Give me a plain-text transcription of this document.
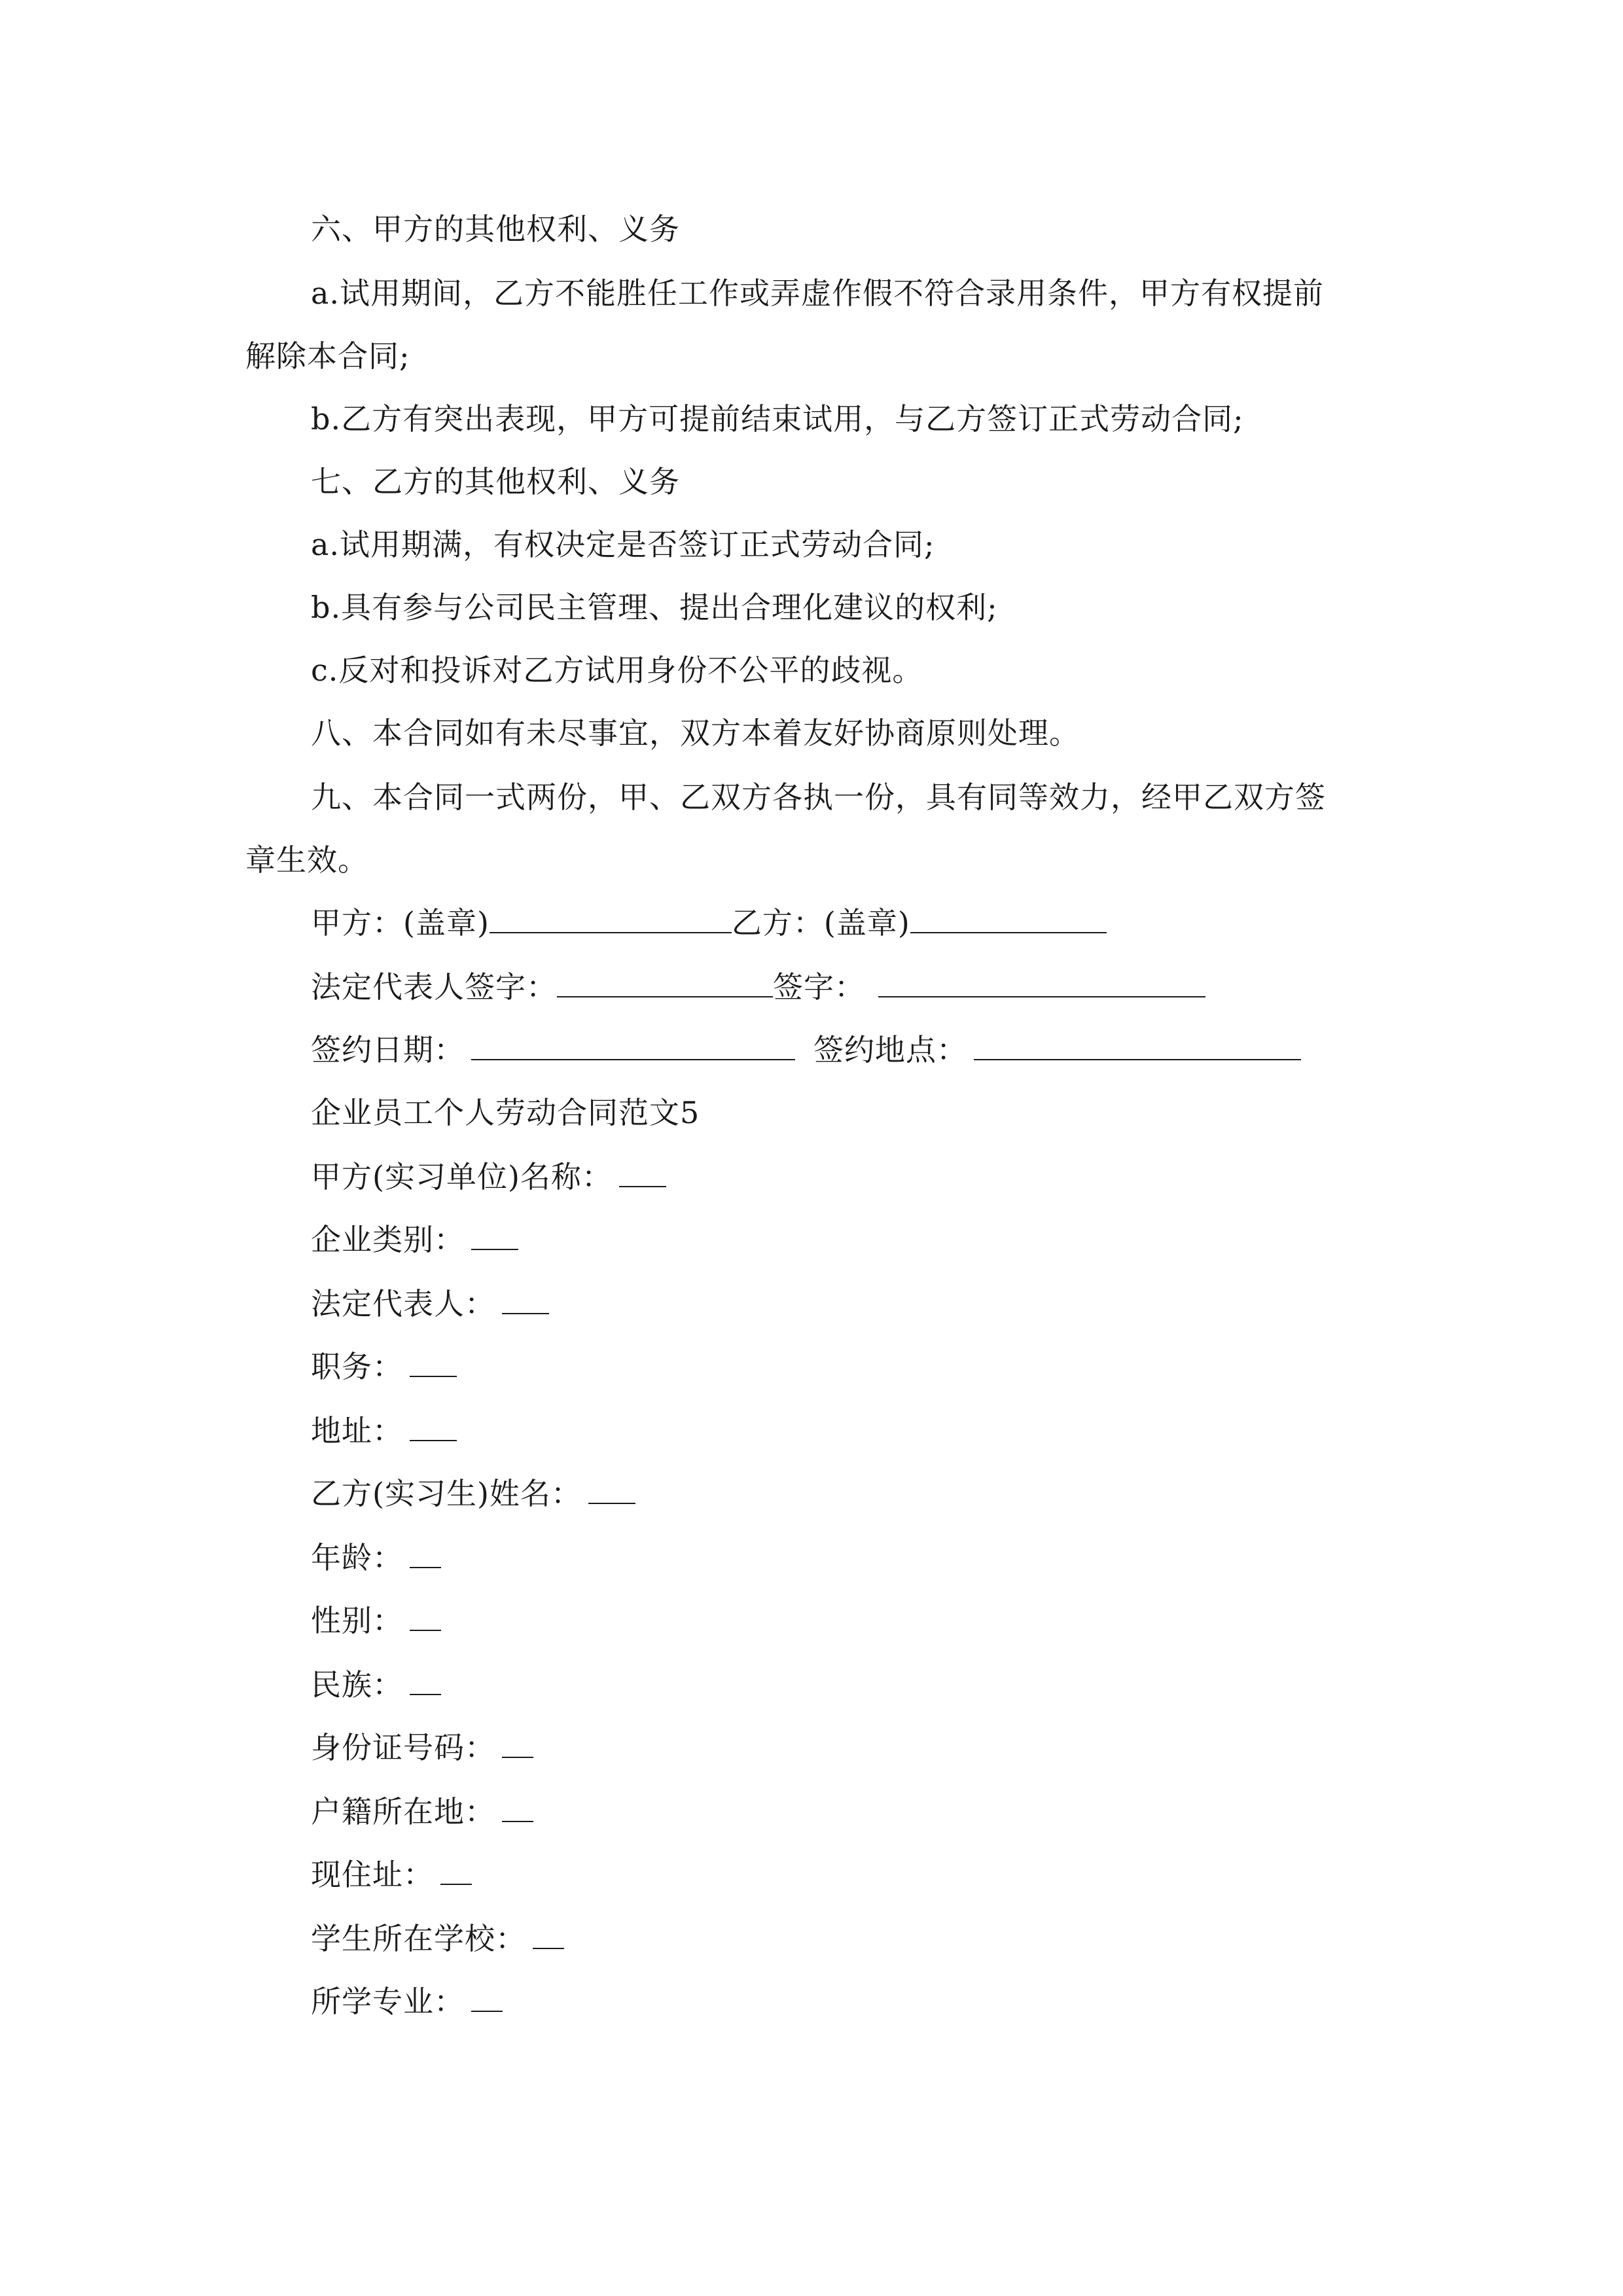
六、甲方的其他权利、义务
a.试用期间，乙方不能胜任工作或弄虚作假不符合录用条件，甲方有权提前
解除本合同;
b.乙方有突出表现，甲方可提前结束试用，与乙方签订正式劳动合同;
七、乙方的其他权利、义务
a.试用期满，有权决定是否签订正式劳动合同;
b.具有参与公司民主管理、提出合理化建议的权利;
c.反对和投诉对乙方试用身份不公平的歧视。
八、本合同如有未尽事宜，双方本着友好协商原则处理。
九、本合同一式两份，甲、乙双方各执一份，具有同等效力，经甲乙双方签
章生效。
甲方：(盖章)	乙方：(盖章)
法定代表人签字：	签字：
签约日期：	签约地点：
企业员工个人劳动合同范文5
甲方(实习单位)名称：
企业类别：
法定代表人：
职务：
地址：
乙方(实习生)姓名：
年龄：
性别：
民族：
身份证号码：
户籍所在地：
现住址：
学生所在学校：
所学专业：
